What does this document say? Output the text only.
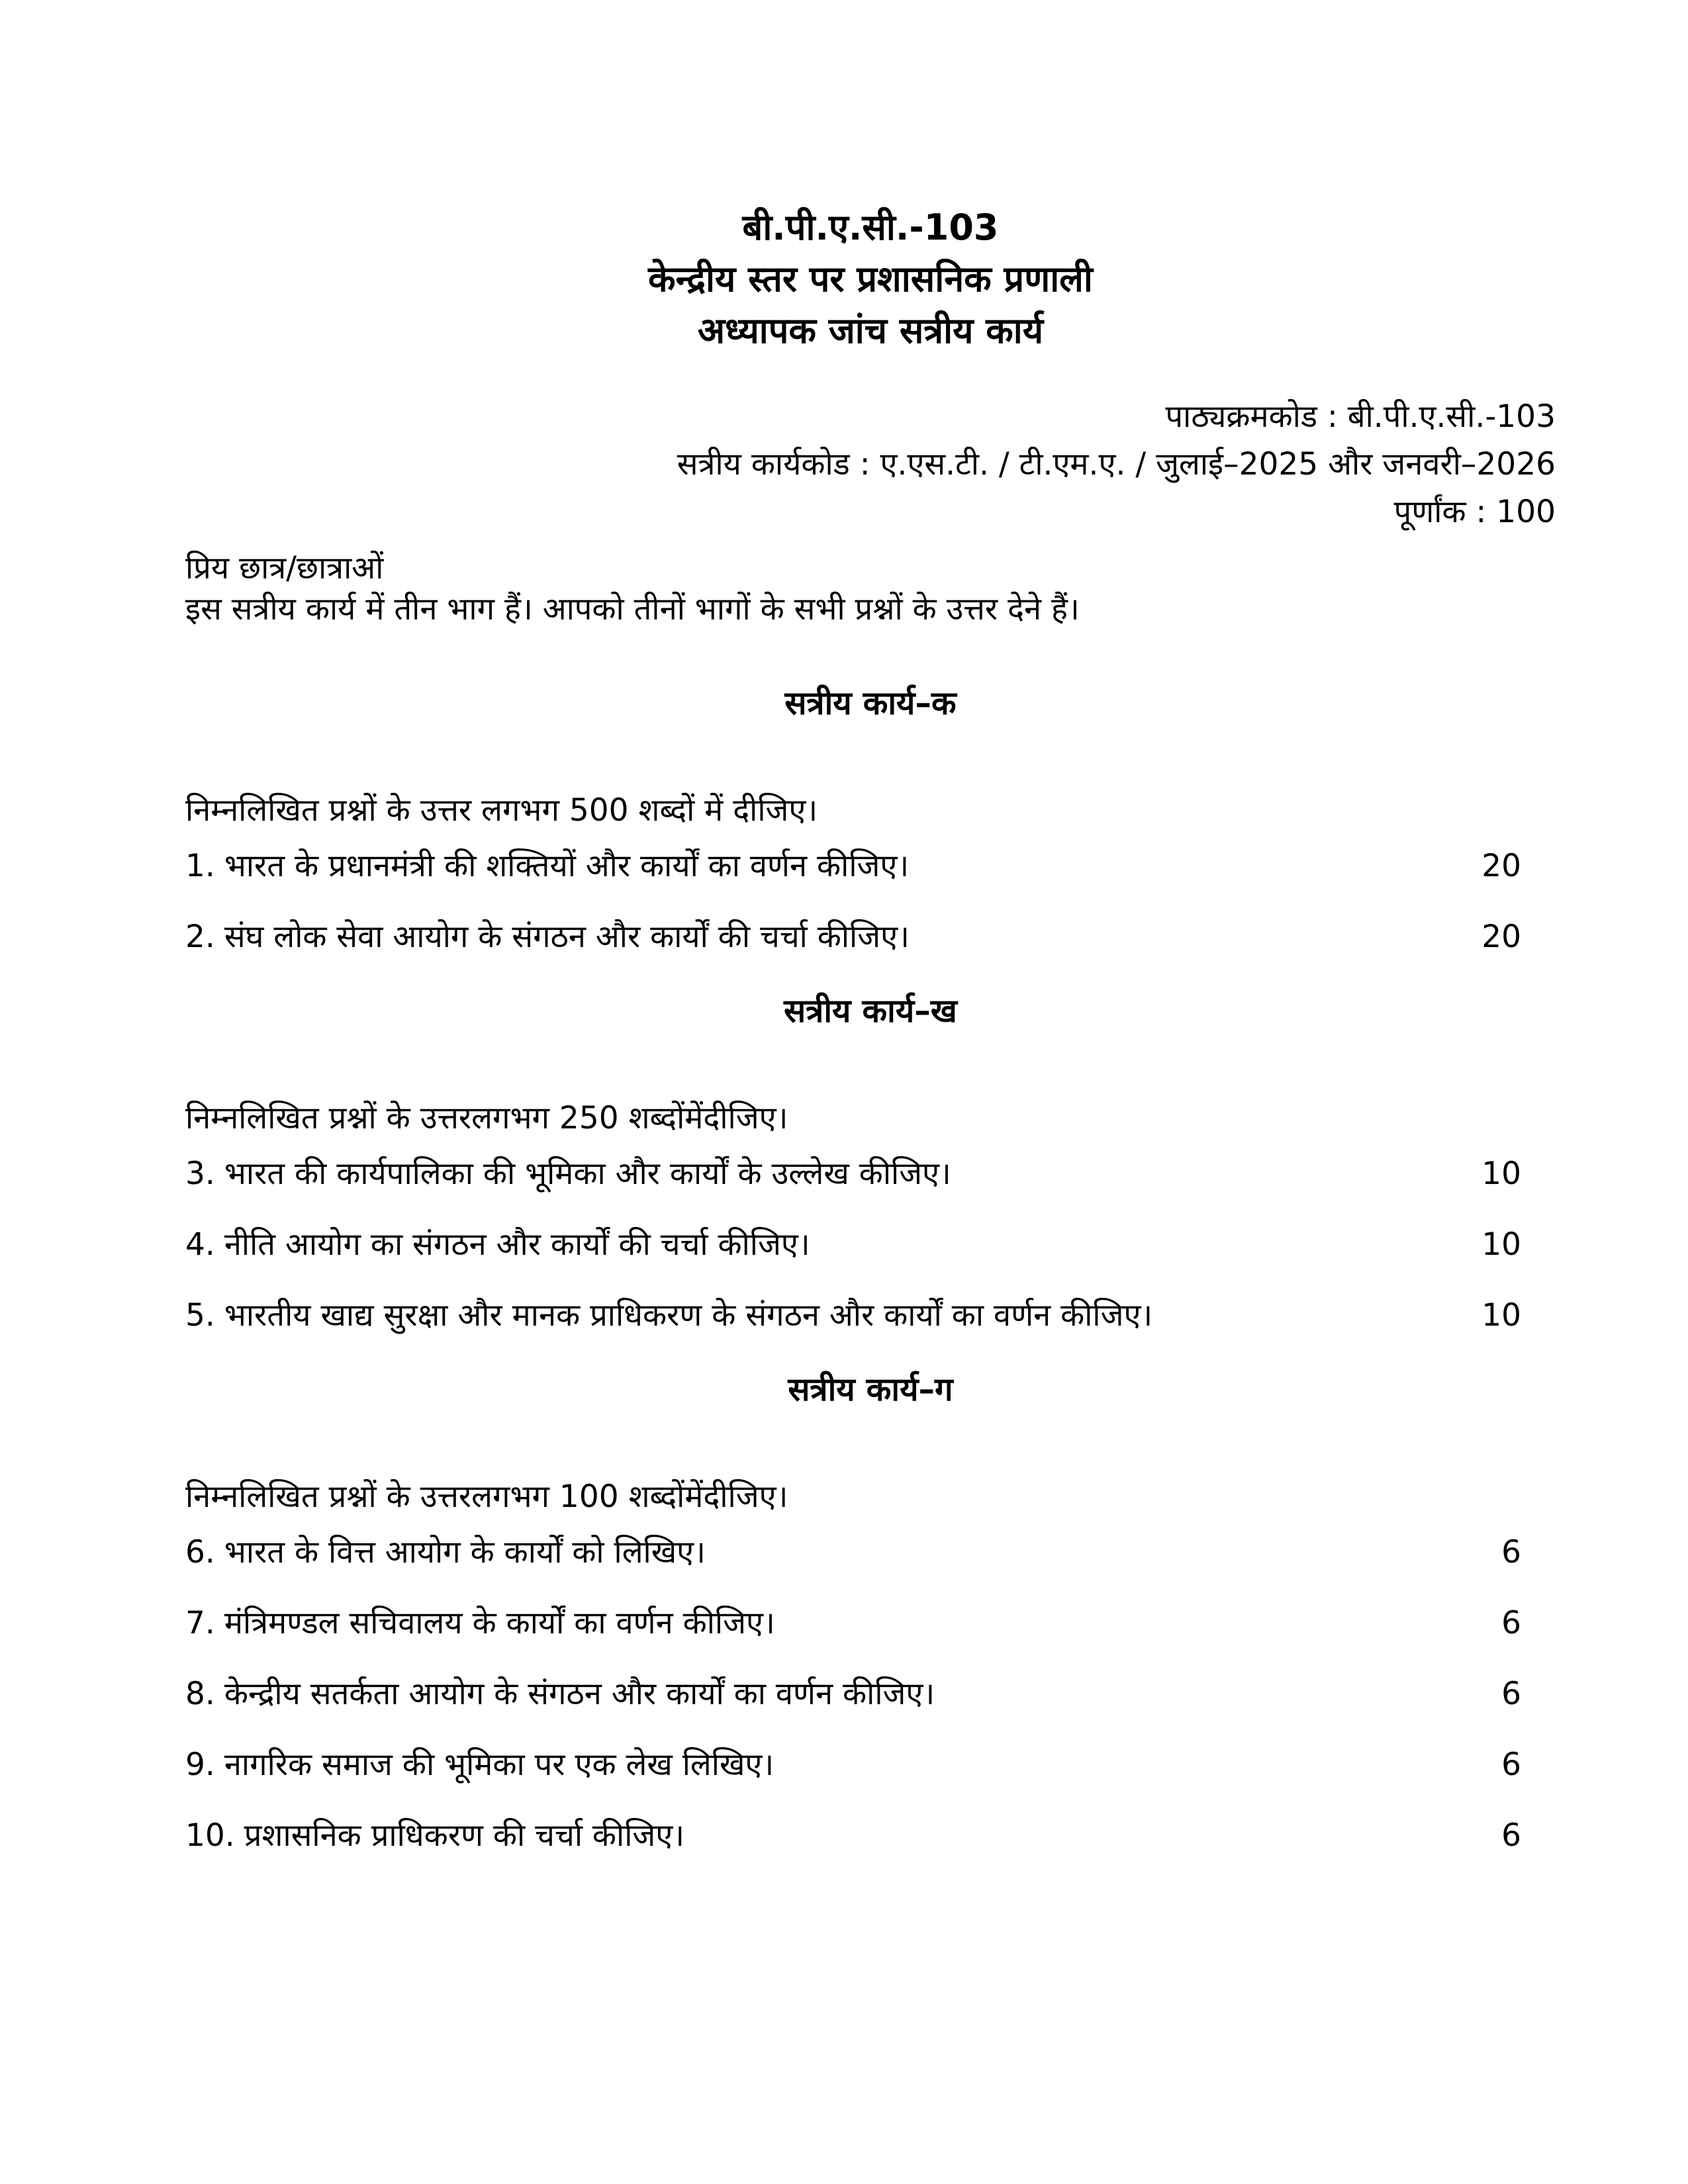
बी.पी.ए.सी.-103
केन्द्रीय स्तर पर प्रशासनिक प्रणाली
अध्यापक जांच सत्रीय कार्य
पाठ्यक्रमकोड : बी.पी.ए.सी.-103
सत्रीय कार्यकोड : ए.एस.टी. / टी.एम.ए. / जुलाई–2025 और जनवरी–2026
पूर्णांक : 100
प्रिय छात्र/छात्राओं
इस सत्रीय कार्य में तीन भाग हैं। आपको तीनों भागों के सभी प्रश्नों के उत्तर देने हैं।
सत्रीय कार्य–क
निम्नलिखित प्रश्नों के उत्तर लगभग 500 शब्दों में दीजिए।
1. भारत के प्रधानमंत्री की शक्तियों और कार्यों का वर्णन कीजिए।	20
2. संघ लोक सेवा आयोग के संगठन और कार्यों की चर्चा कीजिए।	20
सत्रीय कार्य–ख
निम्नलिखित प्रश्नों के उत्तरलगभग 250 शब्दोंमेंदीजिए।
3. भारत की कार्यपालिका की भूमिका और कार्यों के उल्लेख कीजिए।	10
4. नीति आयोग का संगठन और कार्यों की चर्चा कीजिए।	10
5. भारतीय खाद्य सुरक्षा और मानक प्राधिकरण के संगठन और कार्यों का वर्णन कीजिए।	10
सत्रीय कार्य–ग
निम्नलिखित प्रश्नों के उत्तरलगभग 100 शब्दोंमेंदीजिए।
6. भारत के वित्त आयोग के कार्यों को लिखिए।	6
7. मंत्रिमण्डल सचिवालय के कार्यों का वर्णन कीजिए।	6
8. केन्द्रीय सतर्कता आयोग के संगठन और कार्यों का वर्णन कीजिए।	6
9. नागरिक समाज की भूमिका पर एक लेख लिखिए।	6
10. प्रशासनिक प्राधिकरण की चर्चा कीजिए।	6
